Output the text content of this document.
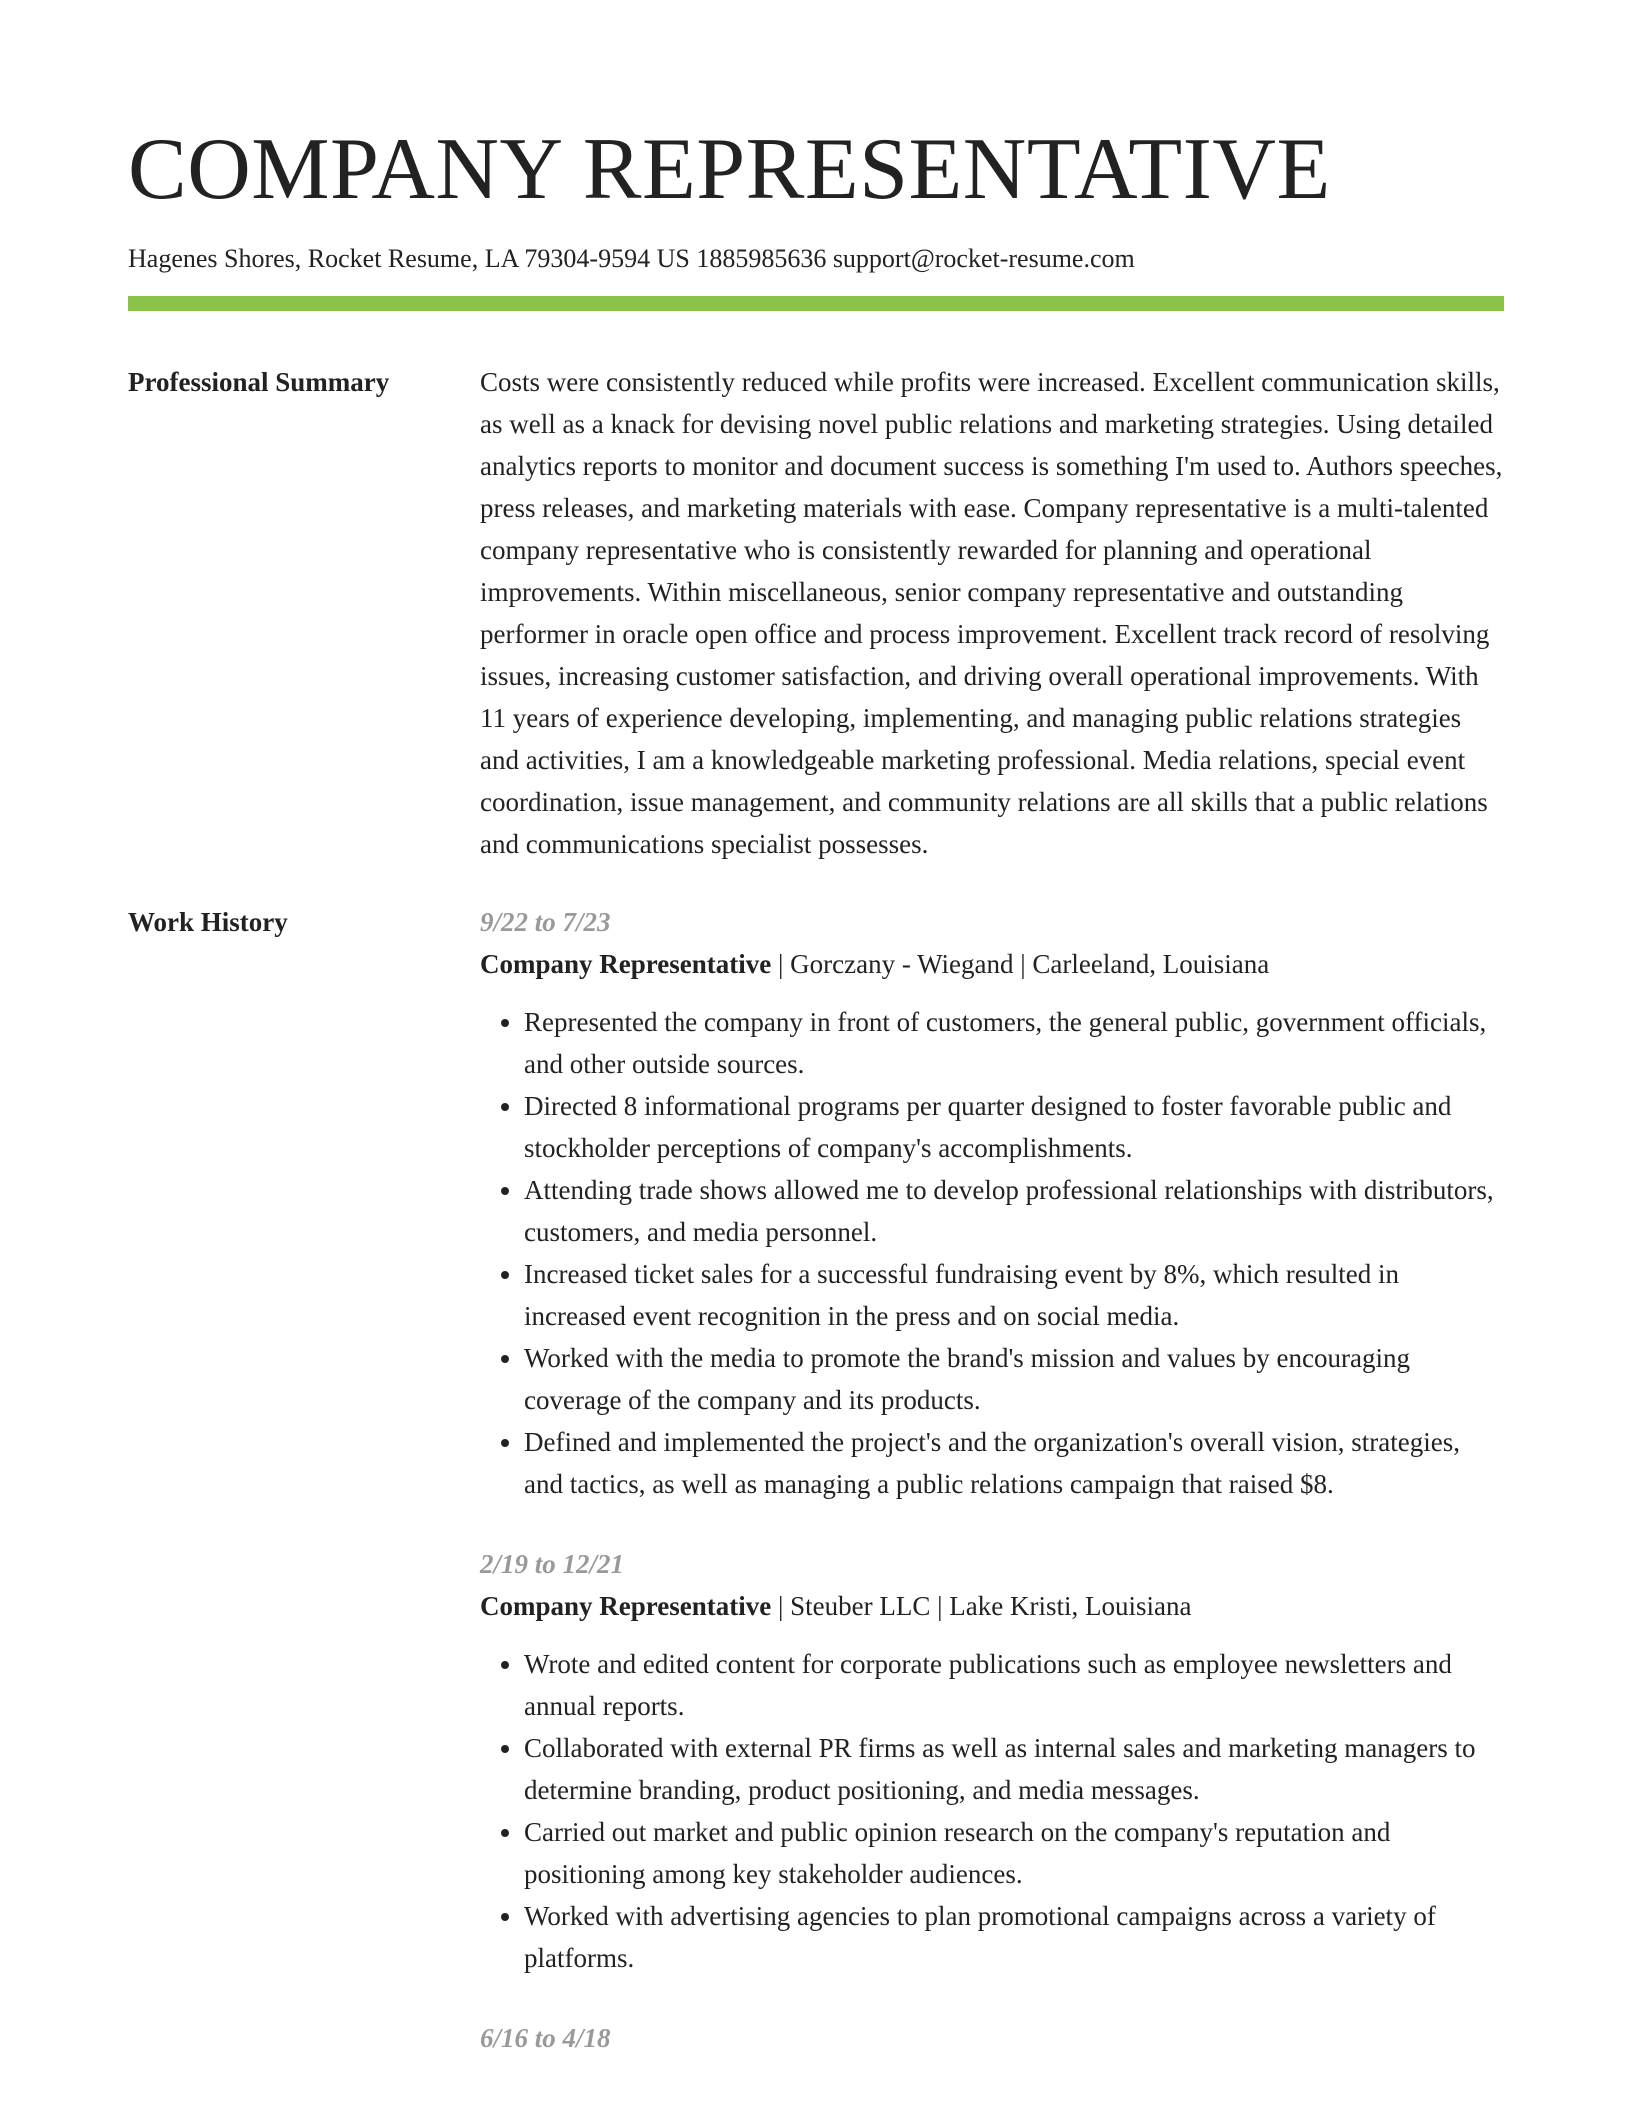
COMPANY REPRESENTATIVE
Hagenes Shores, Rocket Resume, LA 79304-9594 US 1885985636 support@rocket-resume.com
Professional Summary	Costs were consistently reduced while profits were increased. Excellent communication skills, as well as a knack for devising novel public relations and marketing strategies. Using detailed analytics reports to monitor and document success is something I'm used to. Authors speeches, press releases, and marketing materials with ease. Company representative is a multi-talented company representative who is consistently rewarded for planning and operational improvements. Within miscellaneous, senior company representative and outstanding performer in oracle open office and process improvement. Excellent track record of resolving issues, increasing customer satisfaction, and driving overall operational improvements. With 11 years of experience developing, implementing, and managing public relations strategies and activities, I am a knowledgeable marketing professional. Media relations, special event coordination, issue management, and community relations are all skills that a public relations and communications specialist possesses.

Work History	9/22 to 7/23
Company Representative | Gorczany - Wiegand | Carleeland, Louisiana
• Represented the company in front of customers, the general public, government officials, and other outside sources.
• Directed 8 informational programs per quarter designed to foster favorable public and stockholder perceptions of company's accomplishments.
• Attending trade shows allowed me to develop professional relationships with distributors, customers, and media personnel.
• Increased ticket sales for a successful fundraising event by 8%, which resulted in increased event recognition in the press and on social media.
• Worked with the media to promote the brand's mission and values by encouraging coverage of the company and its products.
• Defined and implemented the project's and the organization's overall vision, strategies, and tactics, as well as managing a public relations campaign that raised $8.
2/19 to 12/21
Company Representative | Steuber LLC | Lake Kristi, Louisiana
• Wrote and edited content for corporate publications such as employee newsletters and annual reports.
• Collaborated with external PR firms as well as internal sales and marketing managers to determine branding, product positioning, and media messages.
• Carried out market and public opinion research on the company's reputation and positioning among key stakeholder audiences.
• Worked with advertising agencies to plan promotional campaigns across a variety of platforms.
6/16 to 4/18
